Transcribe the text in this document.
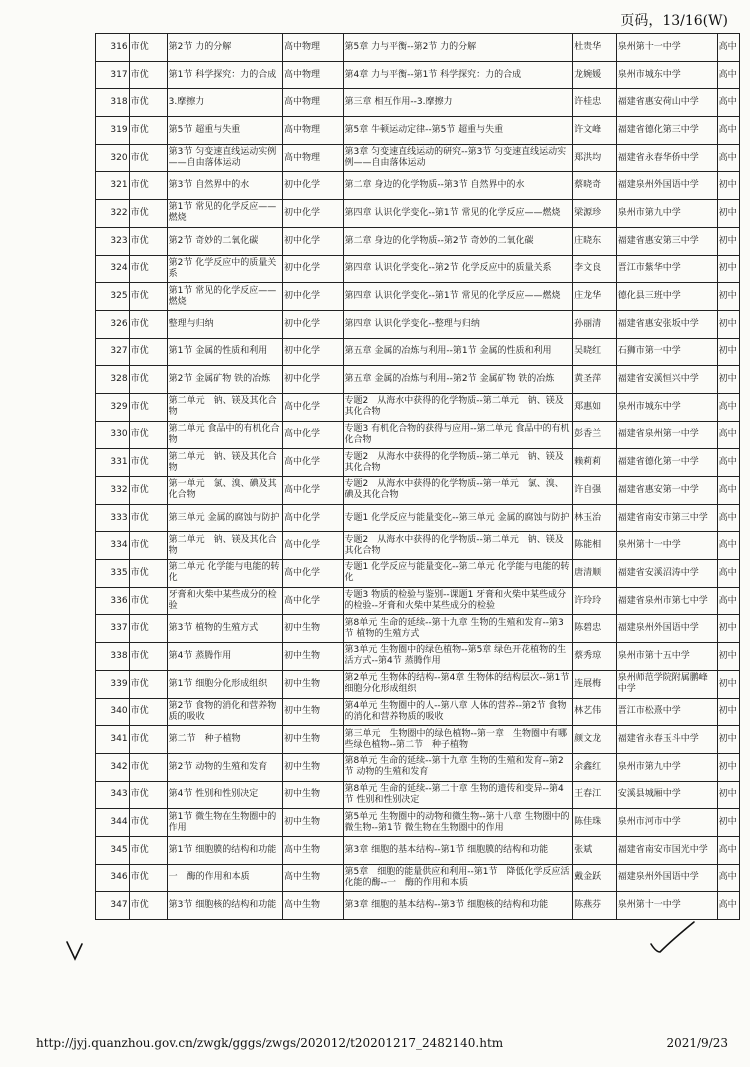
页码，13/16(W)
316	市优	第2节 力的分解	高中物理	第5章 力与平衡--第2节 力的分解	杜贵华	泉州第十一中学	高中
317	市优	第1节 科学探究：力的合成	高中物理	第4章 力与平衡--第1节 科学探究：力的合成	龙婉媛	泉州市城东中学	高中
318	市优	3.摩擦力	高中物理	第三章 相互作用--3.摩擦力	许桂忠	福建省惠安荷山中学	高中
319	市优	第5节 超重与失重	高中物理	第5章 牛顿运动定律--第5节 超重与失重	许文峰	福建省德化第三中学	高中
320	市优	第3节 匀变速直线运动实例——自由落体运动	高中物理	第3章 匀变速直线运动的研究--第3节 匀变速直线运动实例——自由落体运动	郑洪均	福建省永春华侨中学	高中
321	市优	第3节 自然界中的水	初中化学	第二章 身边的化学物质--第3节 自然界中的水	蔡晓奇	福建泉州外国语中学	初中
322	市优	第1节 常见的化学反应——燃烧	初中化学	第四章 认识化学变化--第1节 常见的化学反应——燃烧	梁源珍	泉州市第九中学	初中
323	市优	第2节 奇妙的二氧化碳	初中化学	第二章 身边的化学物质--第2节 奇妙的二氧化碳	庄晓东	福建省惠安第三中学	初中
324	市优	第2节 化学反应中的质量关系	初中化学	第四章 认识化学变化--第2节 化学反应中的质量关系	李文良	晋江市紫华中学	初中
325	市优	第1节 常见的化学反应——燃烧	初中化学	第四章 认识化学变化--第1节 常见的化学反应——燃烧	庄龙华	德化县三班中学	初中
326	市优	整理与归纳	初中化学	第四章 认识化学变化--整理与归纳	孙丽清	福建省惠安张坂中学	初中
327	市优	第1节 金属的性质和利用	初中化学	第五章 金属的冶炼与利用--第1节 金属的性质和利用	吴晓红	石狮市第一中学	初中
328	市优	第2节 金属矿物 铁的冶炼	初中化学	第五章 金属的冶炼与利用--第2节 金属矿物 铁的冶炼	黄圣萍	福建省安溪恒兴中学	初中
329	市优	第二单元　钠、镁及其化合物	高中化学	专题2　从海水中获得的化学物质--第二单元　钠、镁及其化合物	郑惠如	泉州市城东中学	高中
330	市优	第二单元 食品中的有机化合物	高中化学	专题3 有机化合物的获得与应用--第二单元 食品中的有机化合物	彭香兰	福建省泉州第一中学	高中
331	市优	第二单元　钠、镁及其化合物	高中化学	专题2　从海水中获得的化学物质--第二单元　钠、镁及其化合物	赖莉莉	福建省德化第一中学	高中
332	市优	第一单元　氯、溴、碘及其化合物	高中化学	专题2　从海水中获得的化学物质--第一单元　氯、溴、碘及其化合物	许自强	福建省惠安第一中学	高中
333	市优	第三单元 金属的腐蚀与防护	高中化学	专题1 化学反应与能量变化--第三单元 金属的腐蚀与防护	林玉治	福建省南安市第三中学	高中
334	市优	第二单元　钠、镁及其化合物	高中化学	专题2　从海水中获得的化学物质--第二单元　钠、镁及其化合物	陈能相	泉州第十一中学	高中
335	市优	第二单元 化学能与电能的转化	高中化学	专题1 化学反应与能量变化--第二单元 化学能与电能的转化	唐清顺	福建省安溪沼涛中学	高中
336	市优	牙膏和火柴中某些成分的检验	高中化学	专题3 物质的检验与鉴别--课题1 牙膏和火柴中某些成分的检验--牙膏和火柴中某些成分的检验	许玲玲	福建省泉州市第七中学	高中
337	市优	第3节 植物的生殖方式	初中生物	第8单元 生命的延续--第十九章 生物的生殖和发育--第3节 植物的生殖方式	陈碧忠	福建泉州外国语中学	初中
338	市优	第4节 蒸腾作用	初中生物	第3单元 生物圈中的绿色植物--第5章 绿色开花植物的生活方式--第4节 蒸腾作用	蔡秀琼	泉州市第十五中学	初中
339	市优	第1节 细胞分化形成组织	初中生物	第2单元 生物体的结构--第4章 生物体的结构层次--第1节 细胞分化形成组织	连展梅	泉州师范学院附属鹏峰中学	初中
340	市优	第2节 食物的消化和营养物质的吸收	初中生物	第4单元 生物圈中的人--第八章 人体的营养--第2节 食物的消化和营养物质的吸收	林艺伟	晋江市松熹中学	初中
341	市优	第二节　种子植物	初中生物	第三单元　生物圈中的绿色植物--第一章　生物圈中有哪些绿色植物--第二节　种子植物	颜文龙	福建省永春玉斗中学	初中
342	市优	第2节 动物的生殖和发育	初中生物	第8单元 生命的延续--第十九章 生物的生殖和发育--第2节 动物的生殖和发育	余鑫红	泉州市第九中学	初中
343	市优	第4节 性别和性别决定	初中生物	第8单元 生命的延续--第二十章 生物的遗传和变异--第4节 性别和性别决定	王春江	安溪县城厢中学	初中
344	市优	第1节 微生物在生物圈中的作用	初中生物	第5单元 生物圈中的动物和微生物--第十八章 生物圈中的微生物--第1节 微生物在生物圈中的作用	陈佳珠	泉州市河市中学	初中
345	市优	第1节 细胞膜的结构和功能	高中生物	第3章 细胞的基本结构--第1节 细胞膜的结构和功能	张斌	福建省南安市国光中学	高中
346	市优	一　酶的作用和本质	高中生物	第5章　细胞的能量供应和利用--第1节　降低化学反应活化能的酶--一　酶的作用和本质	戴金跃	福建泉州外国语中学	高中
347	市优	第3节 细胞核的结构和功能	高中生物	第3章 细胞的基本结构--第3节 细胞核的结构和功能	陈燕芬	泉州第十一中学	高中
http://jyj.quanzhou.gov.cn/zwgk/gggs/zwgs/202012/t20201217_2482140.htm	2021/9/23
